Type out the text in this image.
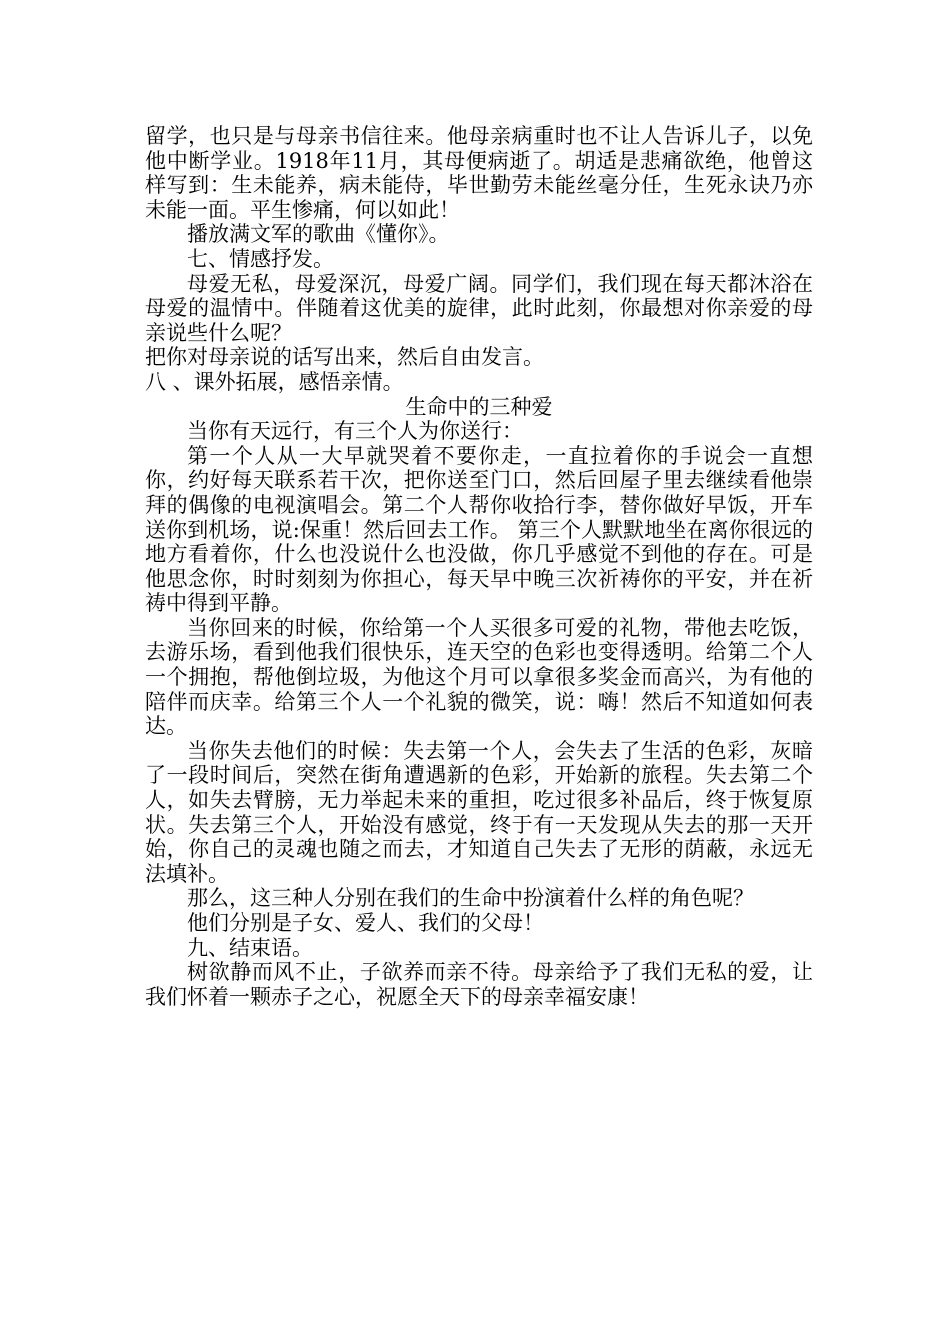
留学，也只是与母亲书信往来。他母亲病重时也不让人告诉儿子，以免他中断学业。1918年11月，其母便病逝了。胡适是悲痛欲绝，他曾这样写到：生未能养，病未能侍，毕世勤劳未能丝毫分任，生死永诀乃亦未能一面。平生惨痛，何以如此！

播放满文军的歌曲《懂你》。

七、情感抒发。

母爱无私，母爱深沉，母爱广阔。同学们，我们现在每天都沐浴在母爱的温情中。伴随着这优美的旋律，此时此刻，你最想对你亲爱的母亲说些什么呢？

把你对母亲说的话写出来，然后自由发言。

八 、课外拓展，感悟亲情。

生命中的三种爱

当你有天远行，有三个人为你送行：

第一个人从一大早就哭着不要你走，一直拉着你的手说会一直想你，约好每天联系若干次，把你送至门口，然后回屋子里去继续看他崇拜的偶像的电视演唱会。第二个人帮你收拾行李，替你做好早饭，开车送你到机场，说:保重！然后回去工作。 第三个人默默地坐在离你很远的地方看着你，什么也没说什么也没做，你几乎感觉不到他的存在。可是他思念你，时时刻刻为你担心，每天早中晚三次祈祷你的平安，并在祈祷中得到平静。

当你回来的时候，你给第一个人买很多可爱的礼物，带他去吃饭，去游乐场，看到他我们很快乐，连天空的色彩也变得透明。给第二个人一个拥抱，帮他倒垃圾，为他这个月可以拿很多奖金而高兴，为有他的陪伴而庆幸。给第三个人一个礼貌的微笑，说：嗨！然后不知道如何表达。

当你失去他们的时候：失去第一个人，会失去了生活的色彩，灰暗了一段时间后，突然在街角遭遇新的色彩，开始新的旅程。失去第二个人，如失去臂膀，无力举起未来的重担，吃过很多补品后，终于恢复原状。失去第三个人，开始没有感觉，终于有一天发现从失去的那一天开始，你自己的灵魂也随之而去，才知道自己失去了无形的荫蔽，永远无法填补。

那么，这三种人分别在我们的生命中扮演着什么样的角色呢？

他们分别是子女、爱人、我们的父母！

九、结束语。

树欲静而风不止，子欲养而亲不待。母亲给予了我们无私的爱，让我们怀着一颗赤子之心，祝愿全天下的母亲幸福安康！
